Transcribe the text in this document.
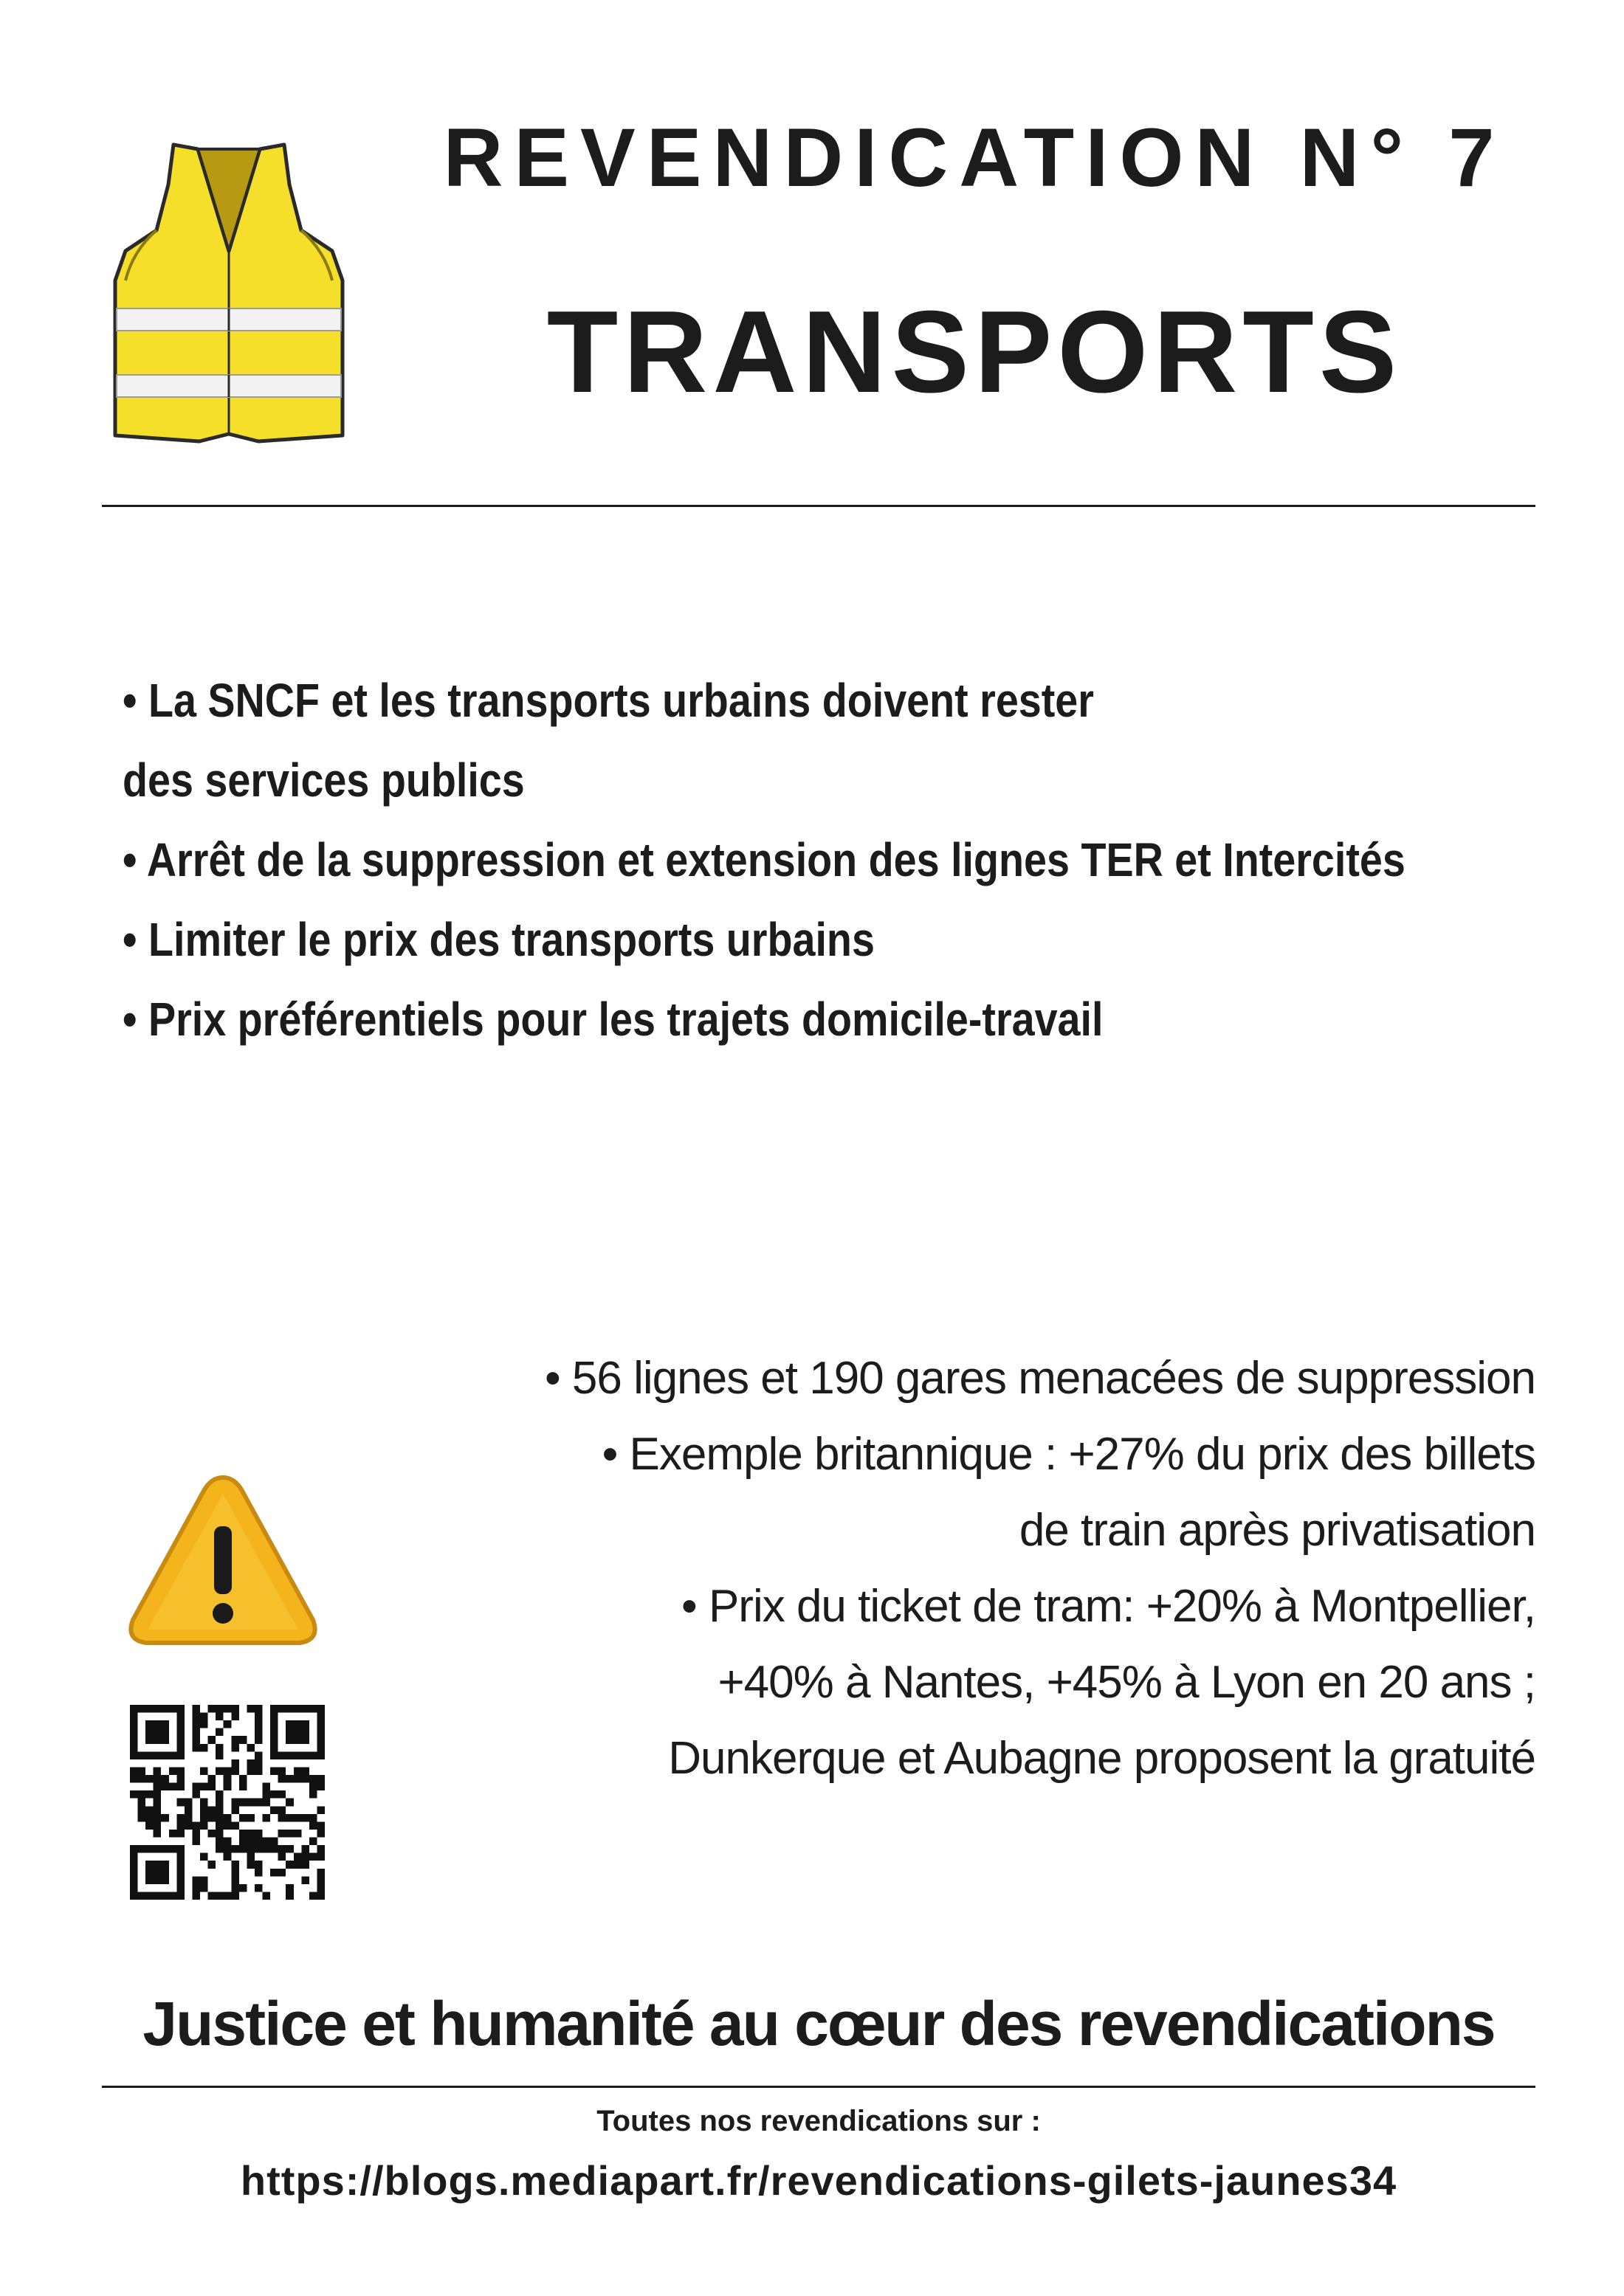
REVENDICATION N° 7
TRANSPORTS
• La SNCF et les transports urbains doivent rester
des services publics
• Arrêt de la suppression et extension des lignes TER et Intercités
• Limiter le prix des transports urbains
• Prix préférentiels pour les trajets domicile-travail
• 56 lignes et 190 gares menacées de suppression
• Exemple britannique : +27% du prix des billets
de train après privatisation
• Prix du ticket de tram: +20% à Montpellier,
+40% à Nantes, +45% à Lyon en 20 ans ;
Dunkerque et Aubagne proposent la gratuité
Justice et humanité au cœur des revendications
Toutes nos revendications sur :
https://blogs.mediapart.fr/revendications-gilets-jaunes34
